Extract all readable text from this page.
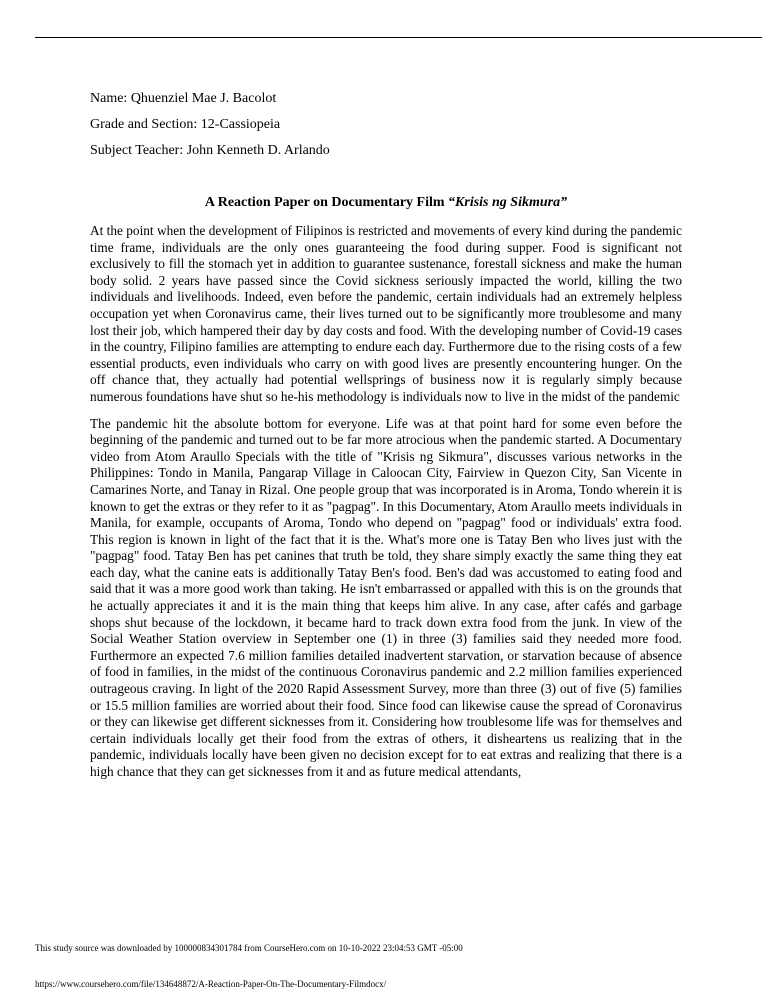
Name: Qhuenziel Mae J. Bacolot

Grade and Section: 12-Cassiopeia

Subject Teacher: John Kenneth D. Arlando

A Reaction Paper on Documentary Film “Krisis ng Sikmura”

At the point when the development of Filipinos is restricted and movements of every kind during the pandemic time frame, individuals are the only ones guaranteeing the food during supper. Food is significant not exclusively to fill the stomach yet in addition to guarantee sustenance, forestall sickness and make the human body solid. 2 years have passed since the Covid sickness seriously impacted the world, killing the two individuals and livelihoods. Indeed, even before the pandemic, certain individuals had an extremely helpless occupation yet when Coronavirus came, their lives turned out to be significantly more troublesome and many lost their job, which hampered their day by day costs and food. With the developing number of Covid-19 cases in the country, Filipino families are attempting to endure each day. Furthermore due to the rising costs of a few essential products, even individuals who carry on with good lives are presently encountering hunger. On the off chance that, they actually had potential wellsprings of business now it is regularly simply because numerous foundations have shut so he-his methodology is individuals now to live in the midst of the pandemic

The pandemic hit the absolute bottom for everyone. Life was at that point hard for some even before the beginning of the pandemic and turned out to be far more atrocious when the pandemic started. A Documentary video from Atom Araullo Specials with the title of "Krisis ng Sikmura", discusses various networks in the Philippines: Tondo in Manila, Pangarap Village in Caloocan City, Fairview in Quezon City, San Vicente in Camarines Norte, and Tanay in Rizal. One people group that was incorporated is in Aroma, Tondo wherein it is known to get the extras or they refer to it as "pagpag". In this Documentary, Atom Araullo meets individuals in Manila, for example, occupants of Aroma, Tondo who depend on "pagpag" food or individuals' extra food. This region is known in light of the fact that it is the. What's more one is Tatay Ben who lives just with the "pagpag" food. Tatay Ben has pet canines that truth be told, they share simply exactly the same thing they eat each day, what the canine eats is additionally Tatay Ben's food. Ben's dad was accustomed to eating food and said that it was a more good work than taking. He isn't embarrassed or appalled with this is on the grounds that he actually appreciates it and it is the main thing that keeps him alive. In any case, after cafés and garbage shops shut because of the lockdown, it became hard to track down extra food from the junk. In view of the Social Weather Station overview in September one (1) in three (3) families said they needed more food. Furthermore an expected 7.6 million families detailed inadvertent starvation, or starvation because of absence of food in families, in the midst of the continuous Coronavirus pandemic and 2.2 million families experienced outrageous craving. In light of the 2020 Rapid Assessment Survey, more than three (3) out of five (5) families or 15.5 million families are worried about their food. Since food can likewise cause the spread of Coronavirus or they can likewise get different sicknesses from it. Considering how troublesome life was for themselves and certain individuals locally get their food from the extras of others, it disheartens us realizing that in the pandemic, individuals locally have been given no decision except for to eat extras and realizing that there is a high chance that they can get sicknesses from it and as future medical attendants,

This study source was downloaded by 100000834301784 from CourseHero.com on 10-10-2022 23:04:53 GMT -05:00
https://www.coursehero.com/file/134648872/A-Reaction-Paper-On-The-Documentary-Filmdocx/
